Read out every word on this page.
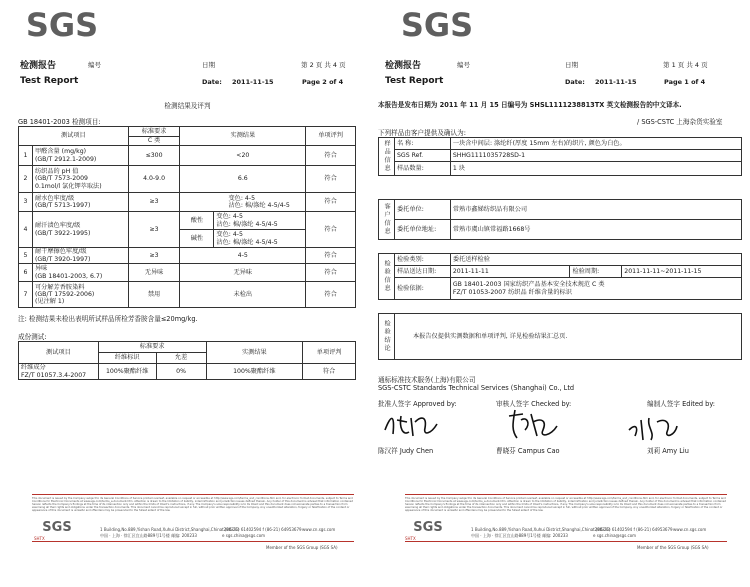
SGS
检测报告	编号	日期	第 2 页 共 4 页
Test Report	Date: 2011-11-15	Page 2 of 4
检测结果及评判
GB 18401-2003 检测项目:
测试项目		标准要求	实测结果		单项评判
		C 类			
1	甲醛含量 (mg/kg)
(GB/T 2912.1-2009)	≤300	<20		符合
2	纺织品的 pH 值
(GB/T 7573-2009
0.1mol/l 氯化钾萃取法)	4.0-9.0	6.6		符合
3	耐水色牢度/级
(GB/T 5713-1997)	≥3	变色: 4-5
沾色: 棉/涤纶 4-5/4-5		符合
4	耐汗渍色牢度/级
(GB/T 3922-1995)	≥3	酸性	变色: 4-5
沾色: 棉/涤纶 4-5/4-5	符合
			碱性	变色: 4-5
沾色: 棉/涤纶 4-5/4-5	
5	耐干摩擦色牢度/级
(GB/T 3920-1997)	≥3	4-5		符合
6	异味
(GB 18401-2003, 6.7)	无异味	无异味		符合
7	可分解芳香胺染料
(GB/T 17592-2006)
(见注解 1)	禁用	未检出		符合
注: 检测结果未检出表明所试样品所检芳香胺含量≤20mg/kg.
成份测试:
测试项目	标准要求		实测结果	单项评判
	纤维标识	允差		
纤维成分
FZ/T 01057.3.4-2007	100%聚酯纤维	0%	100%聚酯纤维	符合
This document is issued by the Company subject to its General Conditions of Service printed overleaf, available on request or accessible at http://www.sgs.com/terms_and_conditions.htm and, for electronic format documents, subject to Terms and Conditions for Electronic Documents at www.sgs.com/terms_e-document.htm. Attention is drawn to the limitation of liability, indemnification and jurisdiction issues defined therein. Any holder of this document is advised that information contained hereon reflects the Company's findings at the time of its intervention only and within the limits of Client's instructions, if any. The Company's sole responsibility is to its Client and this document does not exonerate parties to a transaction from exercising all their rights and obligations under the transaction documents. This document cannot be reproduced except in full, without prior written approval of the Company. Any unauthorized alteration, forgery or falsification of the content or appearance of this document is unlawful and offenders may be prosecuted to the fullest extent of the law.
SGS
SHTX
1 Building,No.889,Yishan Road,Xuhui District,Shanghai,China 200233
中国 · 上海 · 徐汇区宜山路889号1号楼 邮编: 200233
t (86-21) 61402594 f (86-21) 64953679
e sgs.china@sgs.com
www.cn.sgs.com
Member of the SGS Group (SGS SA)
SGS
检测报告	编号	日期	第 1 页 共 4 页
Test Report	Date: 2011-11-15	Page 1 of 4
本报告是发布日期为 2011 年 11 月 15 日编号为 SHSL1111238813TX 英文检测报告的中文译本.
/ SGS-CSTC 上海杂货实验室
下列样品由客户提供及确认为:
样品信息	名 称:	一块含中间层: 涤纶纤(厚度 15mm 左右)的织片, 颜色为白色。
	SGS Ref.	SHHG1111035728SD-1
	样品数量:	1 块
客户信息	委托单位:	常熟市鑫娣纺织品有限公司
	委托单位地址:	常熟市虞山镇常福路1668号
检验信息	检验类别:	委托送样检验		
	样品送达日期:	2011-11-11	检验周期:	2011-11-11~2011-11-15
	检验依据:	GB 18401-2003 国家纺织产品基本安全技术规范 C 类
FZ/T 01053-2007 纺织品 纤维含量的标识		
检验结论	本报告仅提供实测数据和单项评判, 详见检验结果汇总页.
通标标准技术服务(上海)有限公司
SGS-CSTC Standards Technical Services (Shanghai) Co., Ltd
批准人签字 Approved by:	审核人签字 Checked by:	编制人签字 Edited by:
陈汉祥 Judy Chen	曹晓芬 Campus Cao	刘莉 Amy Liu
This document is issued by the Company subject to its General Conditions of Service printed overleaf, available on request or accessible at http://www.sgs.com/terms_and_conditions.htm and, for electronic format documents, subject to Terms and Conditions for Electronic Documents at www.sgs.com/terms_e-document.htm. Attention is drawn to the limitation of liability, indemnification and jurisdiction issues defined therein. Any holder of this document is advised that information contained hereon reflects the Company's findings at the time of its intervention only and within the limits of Client's instructions, if any. The Company's sole responsibility is to its Client and this document does not exonerate parties to a transaction from exercising all their rights and obligations under the transaction documents. This document cannot be reproduced except in full, without prior written approval of the Company. Any unauthorized alteration, forgery or falsification of the content or appearance of this document is unlawful and offenders may be prosecuted to the fullest extent of the law.
SGS
SHTX
1 Building,No.889,Yishan Road,Xuhui District,Shanghai,China 200233
中国 · 上海 · 徐汇区宜山路889号1号楼 邮编: 200233
t (86-21) 61402594 f (86-21) 64953679
e sgs.china@sgs.com
www.cn.sgs.com
Member of the SGS Group (SGS SA)
